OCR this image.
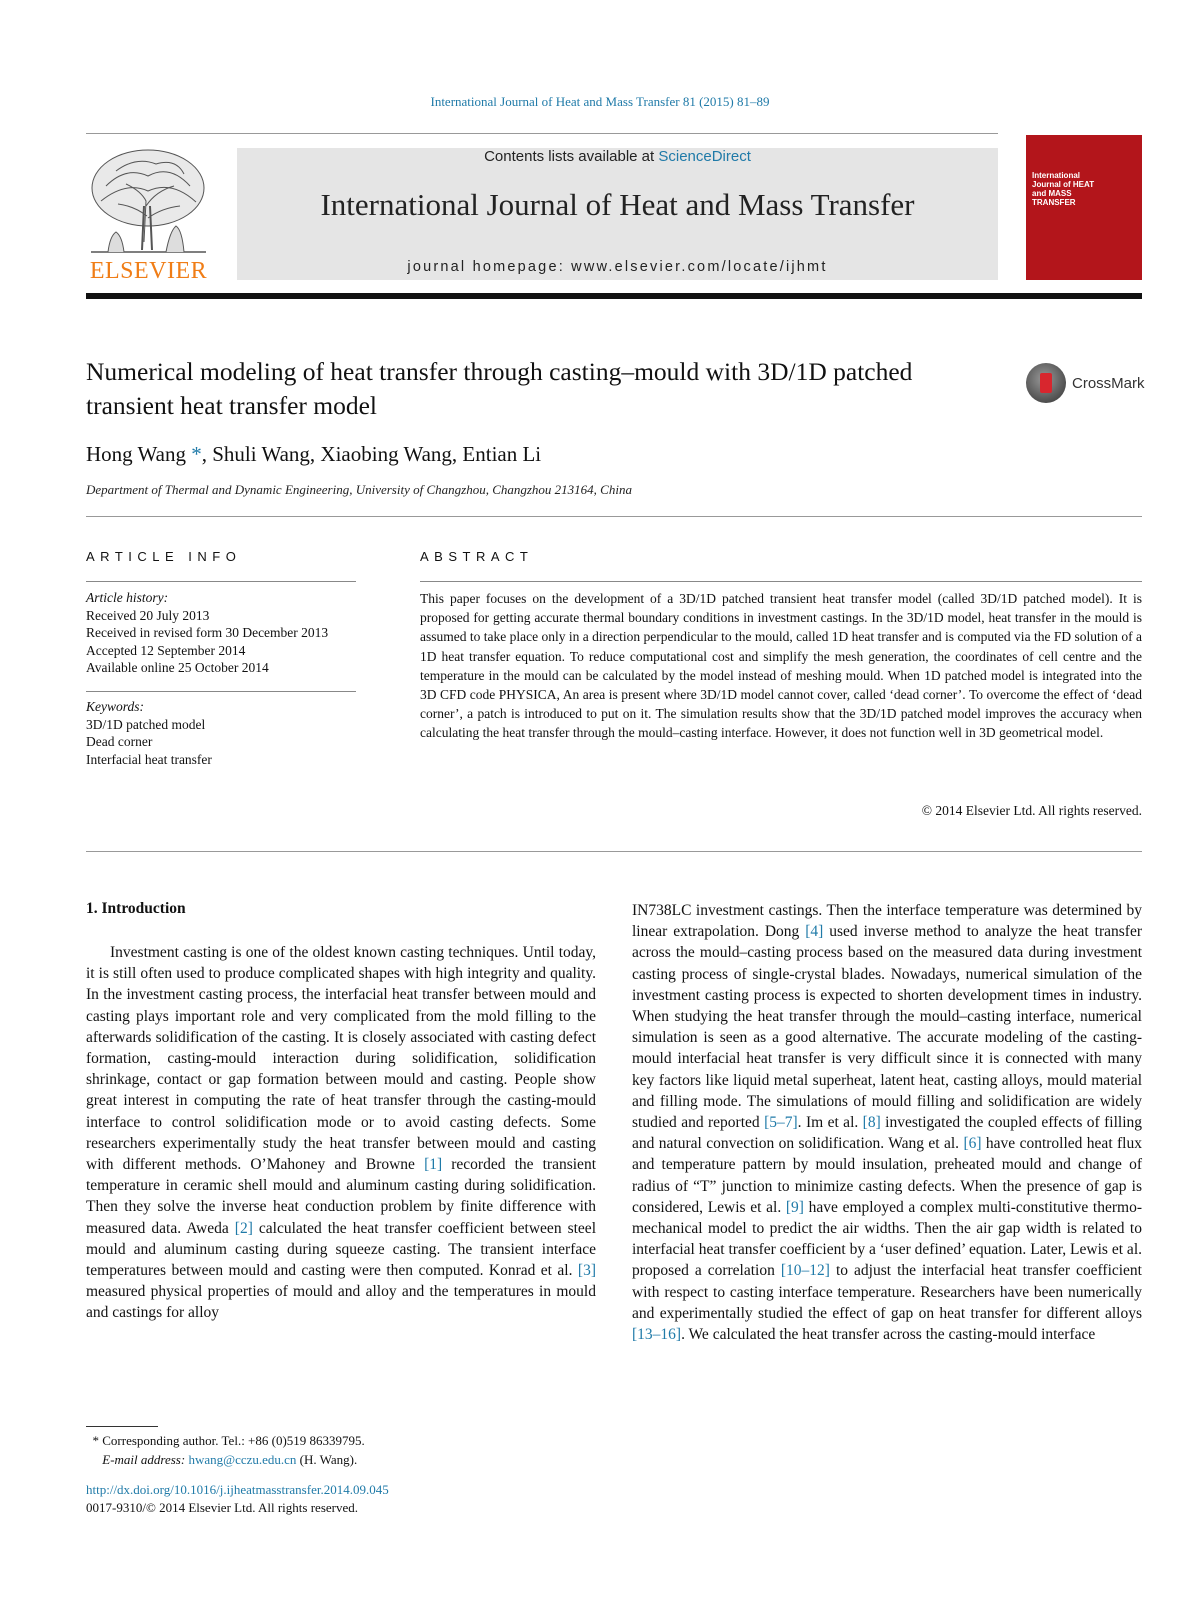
International Journal of Heat and Mass Transfer 81 (2015) 81–89
ELSEVIER
Contents lists available at ScienceDirect
International Journal of Heat and Mass Transfer
journal homepage: www.elsevier.com/locate/ijhmt
International Journal of HEAT and MASS TRANSFER
Numerical modeling of heat transfer through casting–mould with 3D/1D patched transient heat transfer model
CrossMark
Hong Wang *, Shuli Wang, Xiaobing Wang, Entian Li
Department of Thermal and Dynamic Engineering, University of Changzhou, Changzhou 213164, China
ARTICLE INFO	ABSTRACT
Article history:
Received 20 July 2013
Received in revised form 30 December 2013
Accepted 12 September 2014
Available online 25 October 2014
Keywords:
3D/1D patched model
Dead corner
Interfacial heat transfer
This paper focuses on the development of a 3D/1D patched transient heat transfer model (called 3D/1D patched model). It is proposed for getting accurate thermal boundary conditions in investment castings. In the 3D/1D model, heat transfer in the mould is assumed to take place only in a direction perpendicular to the mould, called 1D heat transfer and is computed via the FD solution of a 1D heat transfer equation. To reduce computational cost and simplify the mesh generation, the coordinates of cell centre and the temperature in the mould can be calculated by the model instead of meshing mould. When 1D patched model is integrated into the 3D CFD code PHYSICA, An area is present where 3D/1D model cannot cover, called ‘dead corner’. To overcome the effect of ‘dead corner’, a patch is introduced to put on it. The simulation results show that the 3D/1D patched model improves the accuracy when calculating the heat transfer through the mould–casting interface. However, it does not function well in 3D geometrical model.
© 2014 Elsevier Ltd. All rights reserved.
1. Introduction
Investment casting is one of the oldest known casting techniques. Until today, it is still often used to produce complicated shapes with high integrity and quality. In the investment casting process, the interfacial heat transfer between mould and casting plays important role and very complicated from the mold filling to the afterwards solidification of the casting. It is closely associated with casting defect formation, casting-mould interaction during solidification, solidification shrinkage, contact or gap formation between mould and casting. People show great interest in computing the rate of heat transfer through the casting-mould interface to control solidification mode or to avoid casting defects. Some researchers experimentally study the heat transfer between mould and casting with different methods. O’Mahoney and Browne [1] recorded the transient temperature in ceramic shell mould and aluminum casting during solidification. Then they solve the inverse heat conduction problem by finite difference with measured data. Aweda [2] calculated the heat transfer coefficient between steel mould and aluminum casting during squeeze casting. The transient interface temperatures between mould and casting were then computed. Konrad et al. [3] measured physical properties of mould and alloy and the temperatures in mould and castings for alloy
IN738LC investment castings. Then the interface temperature was determined by linear extrapolation. Dong [4] used inverse method to analyze the heat transfer across the mould–casting process based on the measured data during investment casting process of single-crystal blades. Nowadays, numerical simulation of the investment casting process is expected to shorten development times in industry. When studying the heat transfer through the mould–casting interface, numerical simulation is seen as a good alternative. The accurate modeling of the casting-mould interfacial heat transfer is very difficult since it is connected with many key factors like liquid metal superheat, latent heat, casting alloys, mould material and filling mode. The simulations of mould filling and solidification are widely studied and reported [5–7]. Im et al. [8] investigated the coupled effects of filling and natural convection on solidification. Wang et al. [6] have controlled heat flux and temperature pattern by mould insulation, preheated mould and change of radius of “T” junction to minimize casting defects. When the presence of gap is considered, Lewis et al. [9] have employed a complex multi-constitutive thermo-mechanical model to predict the air widths. Then the air gap width is related to interfacial heat transfer coefficient by a ‘user defined’ equation. Later, Lewis et al. proposed a correlation [10–12] to adjust the interfacial heat transfer coefficient with respect to casting interface temperature. Researchers have been numerically and experimentally studied the effect of gap on heat transfer for different alloys [13–16]. We calculated the heat transfer across the casting-mould interface
* Corresponding author. Tel.: +86 (0)519 86339795.
E-mail address: hwang@cczu.edu.cn (H. Wang).
http://dx.doi.org/10.1016/j.ijheatmasstransfer.2014.09.045
0017-9310/© 2014 Elsevier Ltd. All rights reserved.
